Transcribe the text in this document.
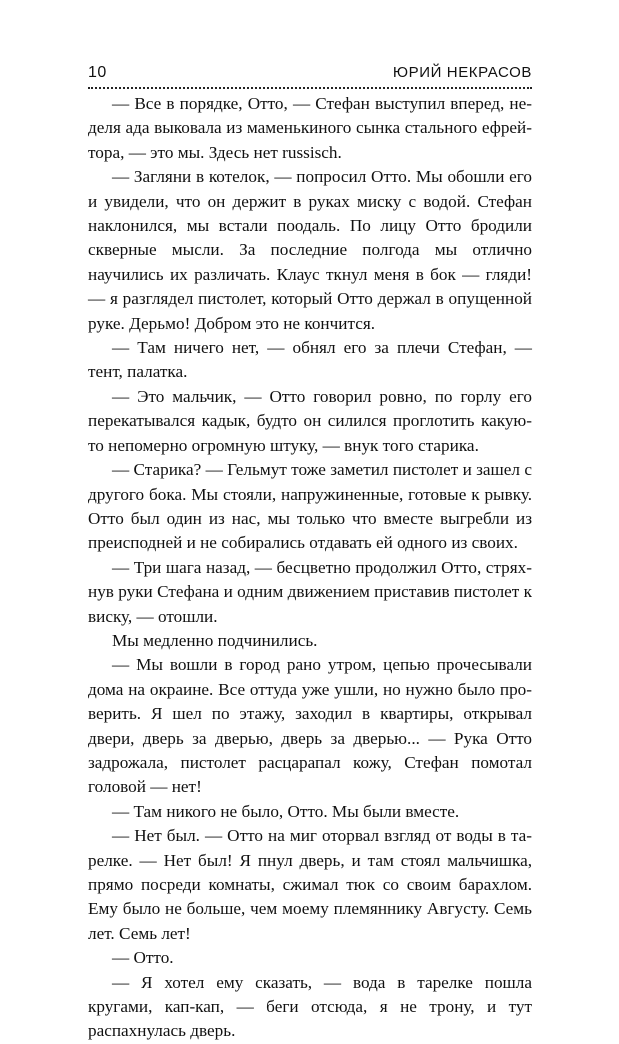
10	ЮРИЙ НЕКРАСОВ

— Все в порядке, Отто, — Стефан выступил вперед, неделя ада выковала из маменькиного сынка стального ефрейтора, — это мы. Здесь нет russisch.

— Загляни в котелок, — попросил Отто. Мы обошли его и увидели, что он держит в руках миску с водой. Стефан наклонился, мы встали поодаль. По лицу Отто бродили скверные мысли. За последние полгода мы отлично научились их различать. Клаус ткнул меня в бок — гляди! — я разглядел пистолет, который Отто держал в опущенной руке. Дерьмо! Добром это не кончится.

— Там ничего нет, — обнял его за плечи Стефан, — тент, палатка.

— Это мальчик, — Отто говорил ровно, по горлу его перекатывался кадык, будто он силился проглотить какую-то непомерно огромную штуку, — внук того старика.

— Старика? — Гельмут тоже заметил пистолет и зашел с другого бока. Мы стояли, напружиненные, готовые к рывку. Отто был один из нас, мы только что вместе выгребли из преисподней и не собирались отдавать ей одного из своих.

— Три шага назад, — бесцветно продолжил Отто, стряхнув руки Стефана и одним движением приставив пистолет к виску, — отошли.

Мы медленно подчинились.

— Мы вошли в город рано утром, цепью прочесывали дома на окраине. Все оттуда уже ушли, но нужно было проверить. Я шел по этажу, заходил в квартиры, открывал двери, дверь за дверью, дверь за дверью... — Рука Отто задрожала, пистолет расцарапал кожу, Стефан помотал головой — нет!

— Там никого не было, Отто. Мы были вместе.

— Нет был. — Отто на миг оторвал взгляд от воды в тарелке. — Нет был! Я пнул дверь, и там стоял мальчишка, прямо посреди комнаты, сжимал тюк со своим барахлом. Ему было не больше, чем моему племяннику Августу. Семь лет. Семь лет!

— Отто.

— Я хотел ему сказать, — вода в тарелке пошла кругами, кап-кап, — беги отсюда, я не трону, и тут распахнулась дверь.
